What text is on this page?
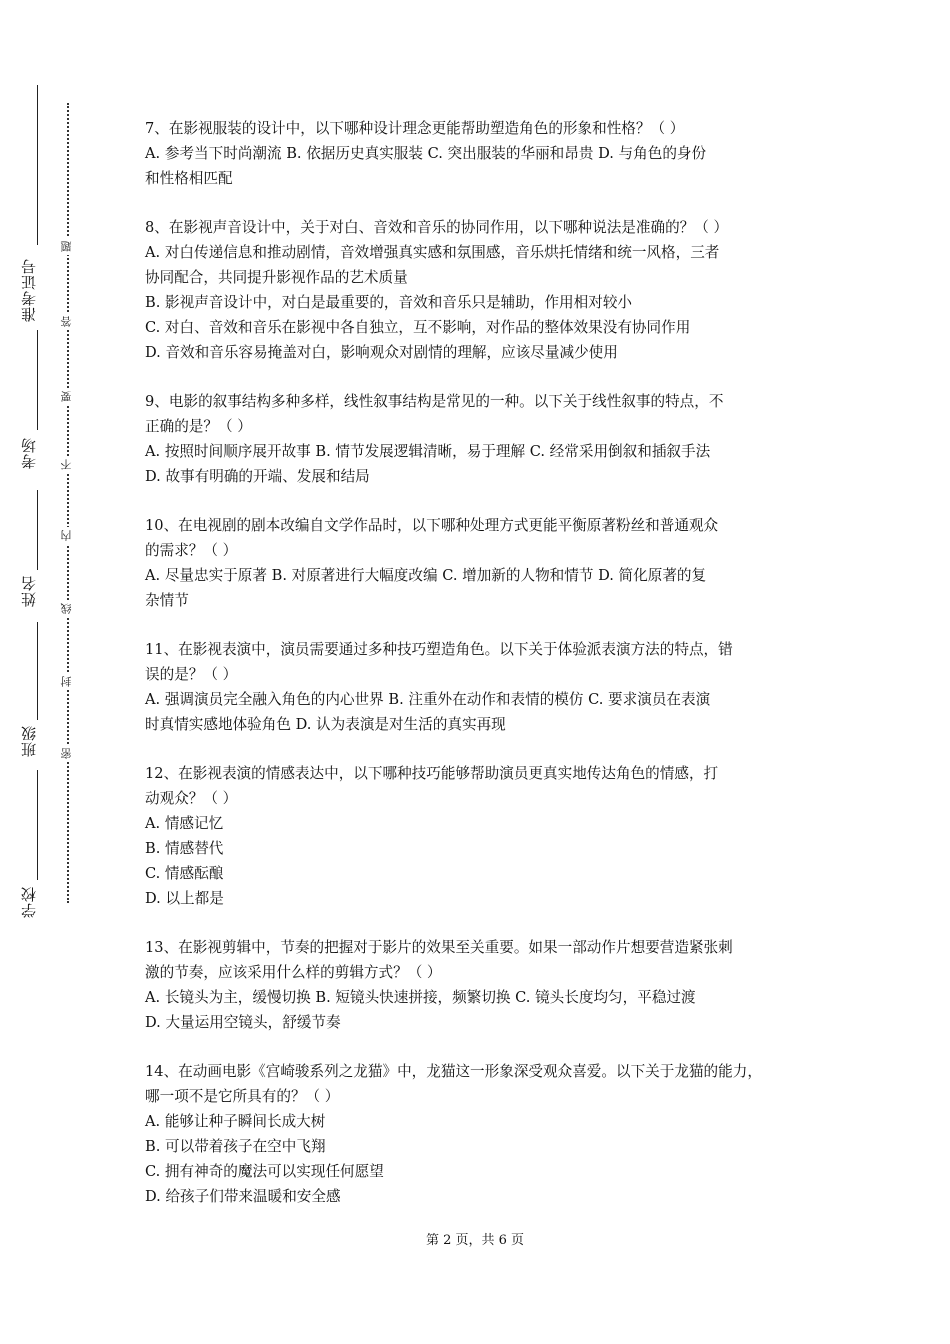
准考证号
考场
姓名
班级
学校
题
答
要
不
内
线
封
密

7、在影视服装的设计中，以下哪种设计理念更能帮助塑造角色的形象和性格？（ ）

A. 参考当下时尚潮流 B. 依据历史真实服装 C. 突出服装的华丽和昂贵 D. 与角色的身份

和性格相匹配

8、在影视声音设计中，关于对白、音效和音乐的协同作用，以下哪种说法是准确的？（ ）

A. 对白传递信息和推动剧情，音效增强真实感和氛围感，音乐烘托情绪和统一风格，三者

协同配合，共同提升影视作品的艺术质量

B. 影视声音设计中，对白是最重要的，音效和音乐只是辅助，作用相对较小

C. 对白、音效和音乐在影视中各自独立，互不影响，对作品的整体效果没有协同作用

D. 音效和音乐容易掩盖对白，影响观众对剧情的理解，应该尽量减少使用

9、电影的叙事结构多种多样，线性叙事结构是常见的一种。以下关于线性叙事的特点，不

正确的是？（ ）

A. 按照时间顺序展开故事 B. 情节发展逻辑清晰，易于理解 C. 经常采用倒叙和插叙手法

D. 故事有明确的开端、发展和结局

10、在电视剧的剧本改编自文学作品时，以下哪种处理方式更能平衡原著粉丝和普通观众

的需求？（ ）

A. 尽量忠实于原著 B. 对原著进行大幅度改编 C. 增加新的人物和情节 D. 简化原著的复

杂情节

11、在影视表演中，演员需要通过多种技巧塑造角色。以下关于体验派表演方法的特点，错

误的是？（ ）

A. 强调演员完全融入角色的内心世界 B. 注重外在动作和表情的模仿 C. 要求演员在表演

时真情实感地体验角色 D. 认为表演是对生活的真实再现

12、在影视表演的情感表达中，以下哪种技巧能够帮助演员更真实地传达角色的情感，打

动观众？（ ）

A. 情感记忆

B. 情感替代

C. 情感酝酿

D. 以上都是

13、在影视剪辑中，节奏的把握对于影片的效果至关重要。如果一部动作片想要营造紧张刺

激的节奏，应该采用什么样的剪辑方式？（ ）

A. 长镜头为主，缓慢切换 B. 短镜头快速拼接，频繁切换 C. 镜头长度均匀，平稳过渡

D. 大量运用空镜头，舒缓节奏

14、在动画电影《宫崎骏系列之龙猫》中，龙猫这一形象深受观众喜爱。以下关于龙猫的能力，

哪一项不是它所具有的？（ ）

A. 能够让种子瞬间长成大树

B. 可以带着孩子在空中飞翔

C. 拥有神奇的魔法可以实现任何愿望

D. 给孩子们带来温暖和安全感

第 2 页，共 6 页
